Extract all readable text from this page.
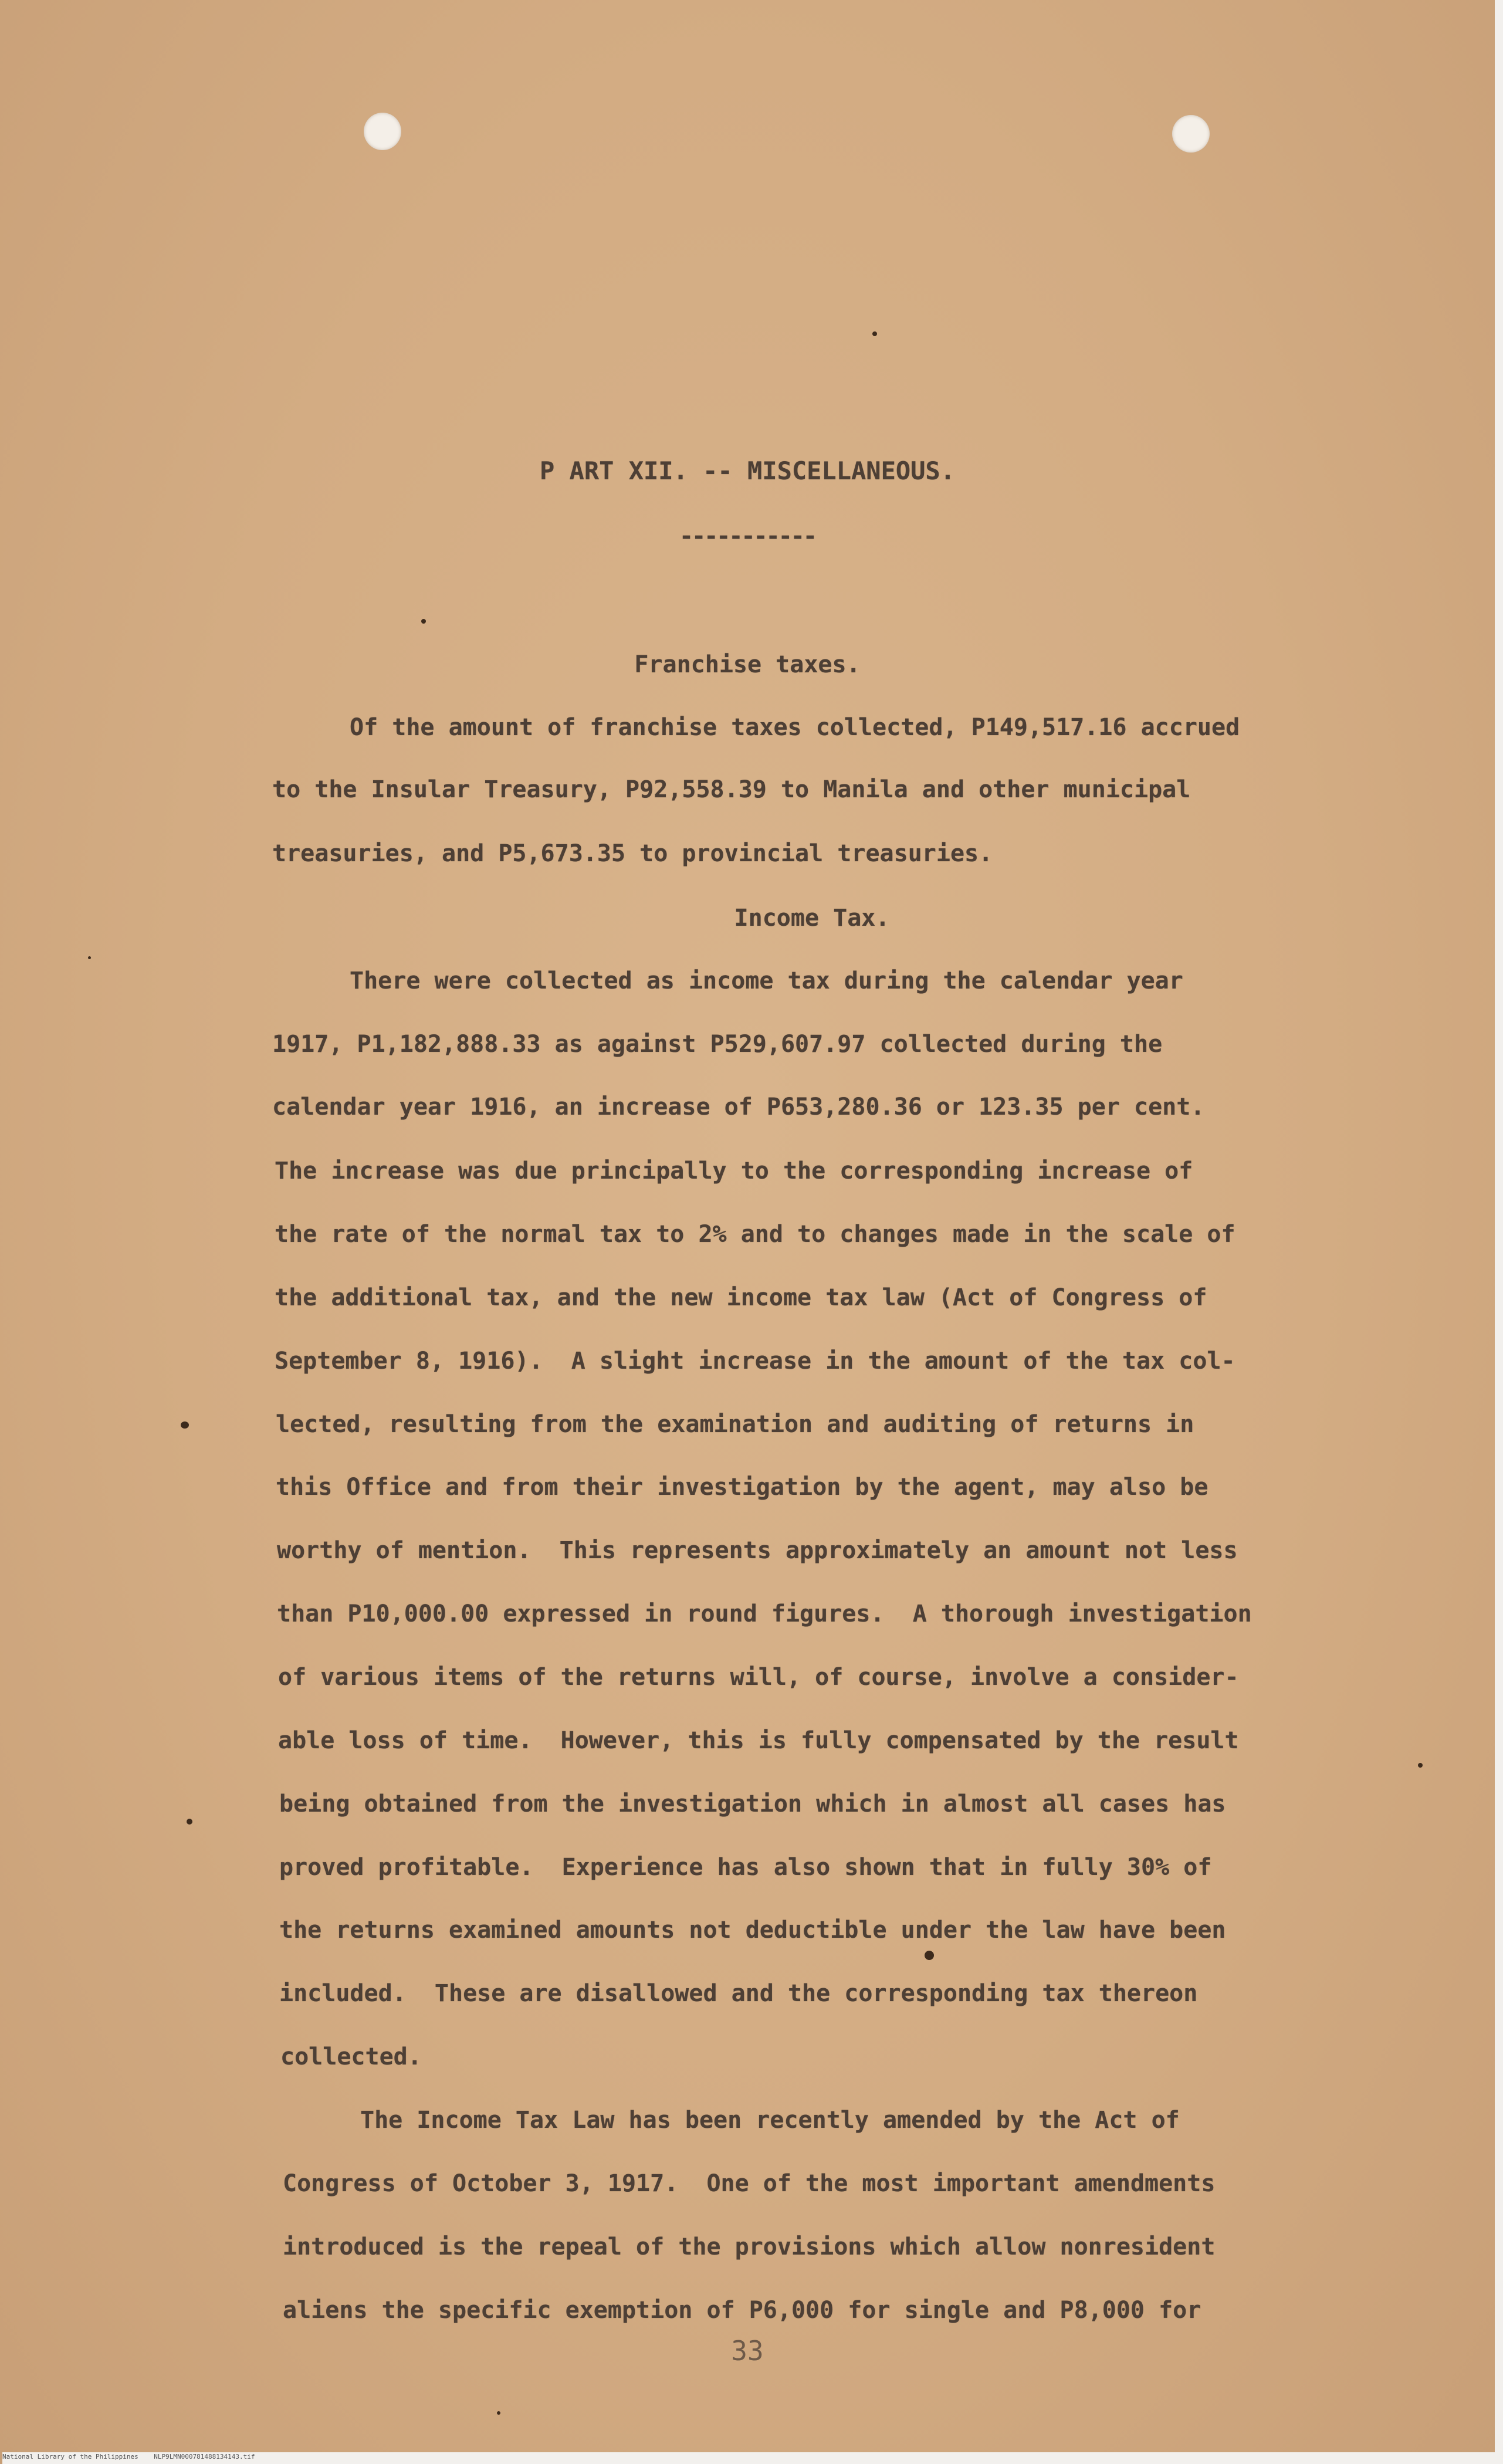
P ART XII. -- MISCELLANEOUS.
-----------
Franchise taxes.
Of the amount of franchise taxes collected, P149,517.16 accrued
to the Insular Treasury, P92,558.39 to Manila and other municipal
treasuries, and P5,673.35 to provincial treasuries.
Income Tax.
There were collected as income tax during the calendar year
1917, P1,182,888.33 as against P529,607.97 collected during the
calendar year 1916, an increase of P653,280.36 or 123.35 per cent.
The increase was due principally to the corresponding increase of
the rate of the normal tax to 2% and to changes made in the scale of
the additional tax, and the new income tax law (Act of Congress of
September 8, 1916).  A slight increase in the amount of the tax col-
lected, resulting from the examination and auditing of returns in
this Office and from their investigation by the agent, may also be
worthy of mention.  This represents approximately an amount not less
than P10,000.00 expressed in round figures.  A thorough investigation
of various items of the returns will, of course, involve a consider-
able loss of time.  However, this is fully compensated by the result
being obtained from the investigation which in almost all cases has
proved profitable.  Experience has also shown that in fully 30% of
the returns examined amounts not deductible under the law have been
included.  These are disallowed and the corresponding tax thereon
collected.
The Income Tax Law has been recently amended by the Act of
Congress of October 3, 1917.  One of the most important amendments
introduced is the repeal of the provisions which allow nonresident
aliens the specific exemption of P6,000 for single and P8,000 for
33
National Library of the Philippines    NLP9LMN000781488134143.tif
